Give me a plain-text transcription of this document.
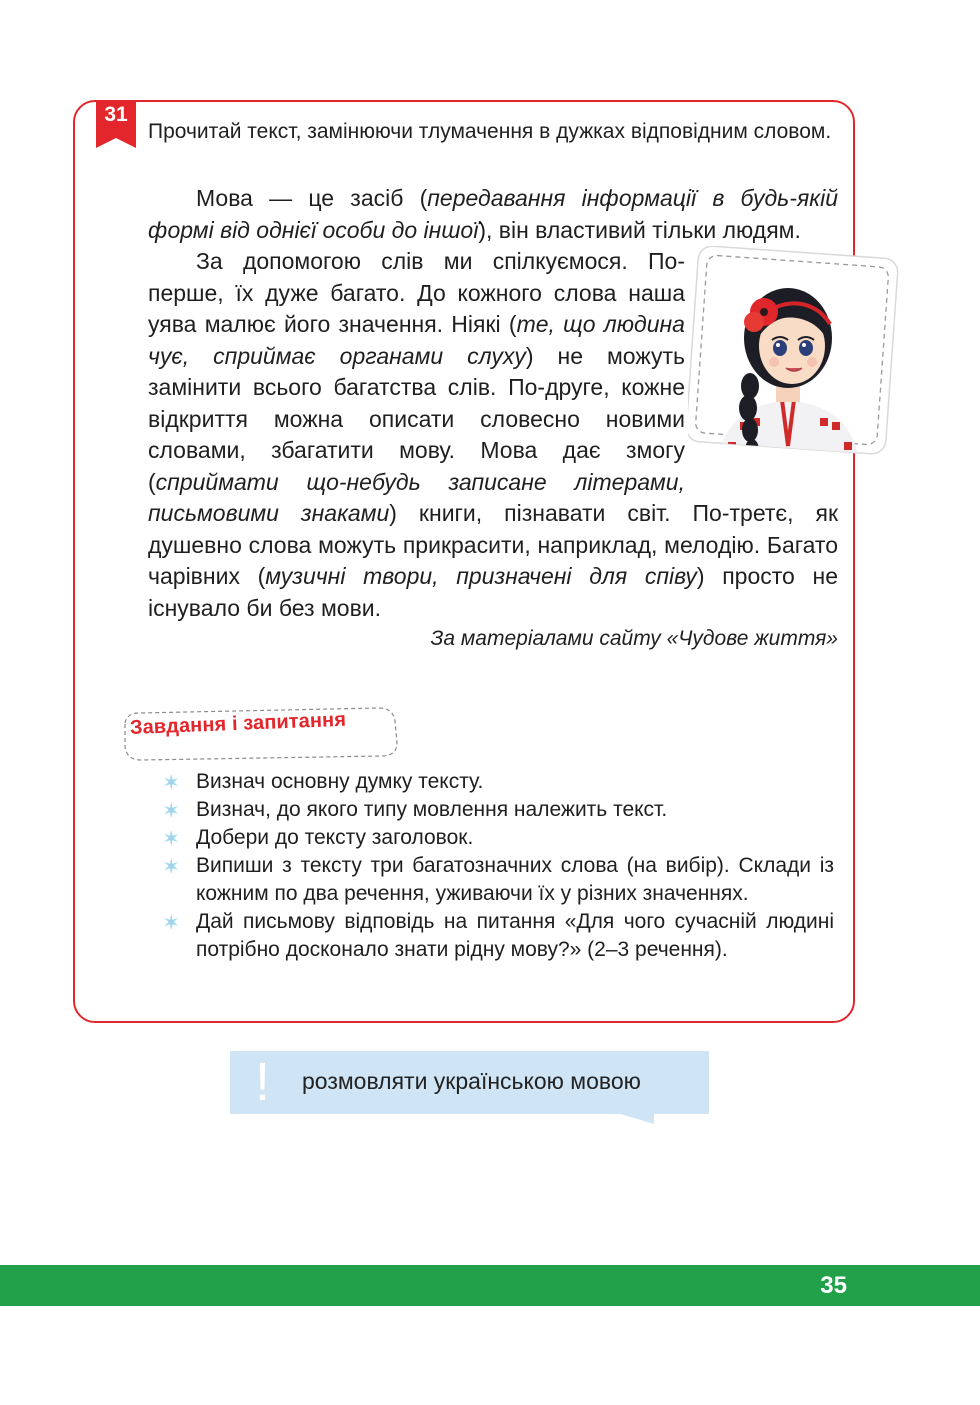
31

Прочитай текст, замінюючи тлумачення в дужках відповідним словом.

Мова — це засіб (передавання інформації в будь-якій формі від однієї особи до іншої), він властивий тільки людям.

За допомогою слів ми спілкуємося. По-перше, їх дуже багато. До кожного слова наша уява малює його значення. Ніякі (те, що людина чує, сприймає органами слуху) не можуть замінити всього багатства слів. По-друге, кожне відкриття можна описати словесно новими словами, збагатити мову. Мова дає змогу (сприймати що-небудь записане літерами, письмовими знаками) книги, пізнавати світ. По-третє, як душевно слова можуть прикрасити, наприклад, мелодію. Багато чарівних (музичні твори, призначені для співу) просто не існувало би без мови.

За матеріалами сайту «Чудове життя»

Завдання і запитання
✶ Визнач основну думку тексту.
✶ Визнач, до якого типу мовлення належить текст.
✶ Добери до тексту заголовок.
✶ Випиши з тексту три багатозначних слова (на вибір). Склади із кожним по два речення, уживаючи їх у різних значеннях.
✶ Дай письмову відповідь на питання «Для чого сучасній людині потрібно досконало знати рідну мову?» (2–3 речення).
! розмовляти українською мовою
35
